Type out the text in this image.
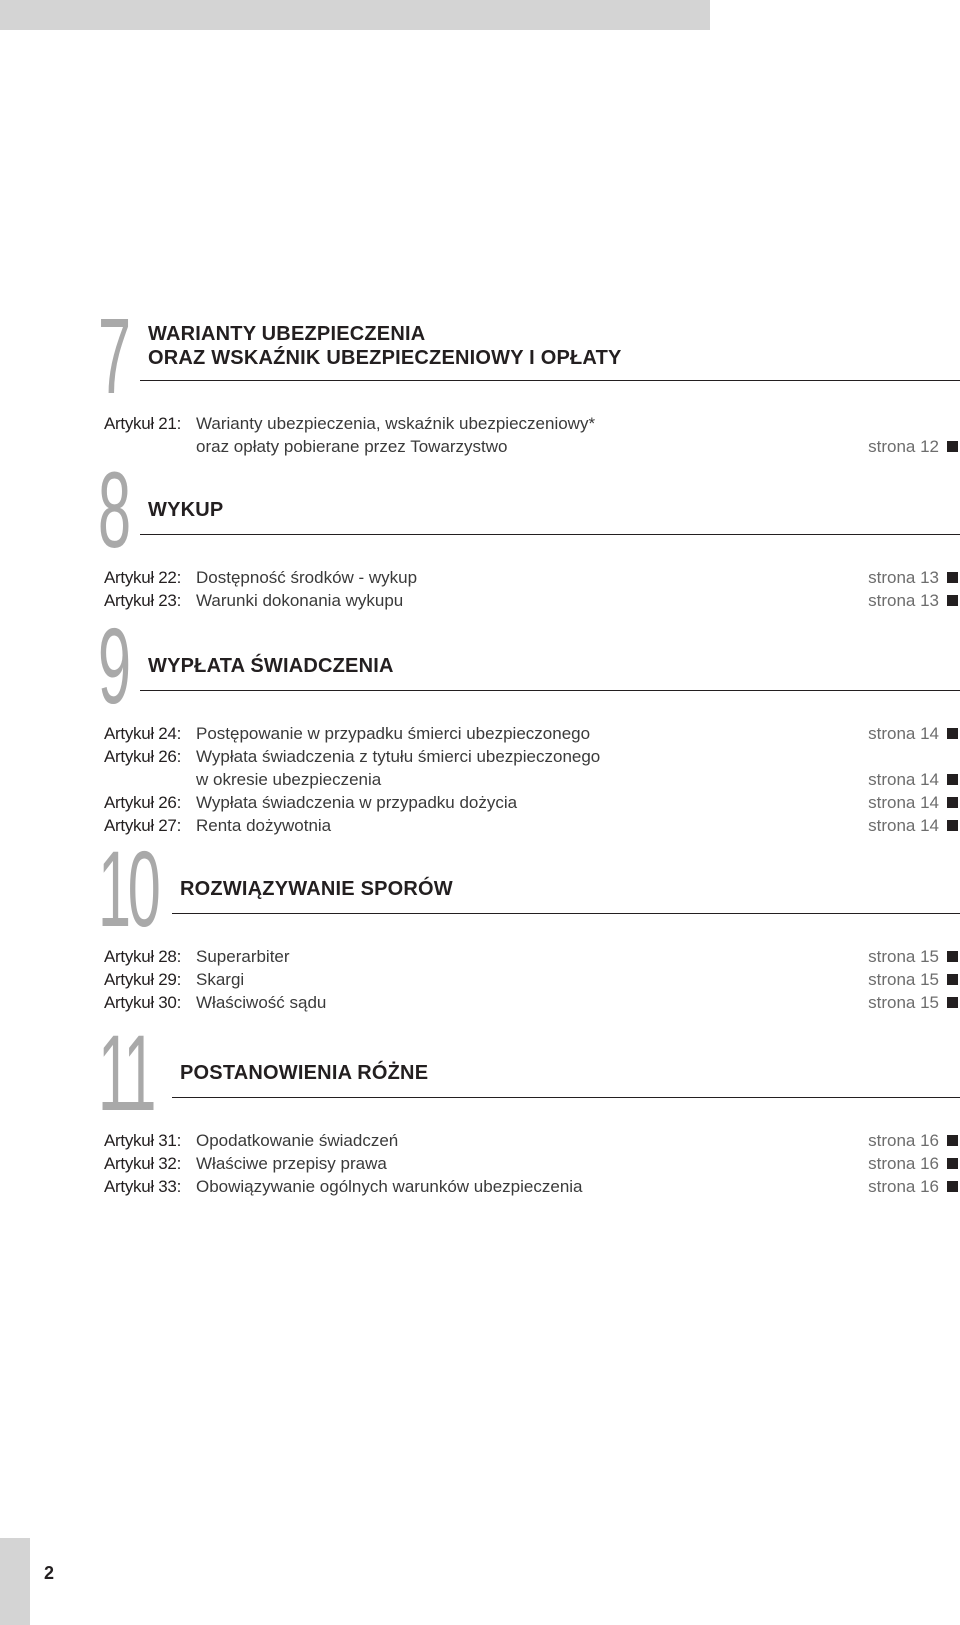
7 WARIANTY UBEZPIECZENIA
ORAZ WSKAŹNIK UBEZPIECZENIOWY I OPŁATY
Artykuł 21: Warianty ubezpieczenia, wskaźnik ubezpieczeniowy*
oraz opłaty pobierane przez Towarzystwo	strona 12
8 WYKUP
Artykuł 22: Dostępność środków - wykup	strona 13
Artykuł 23: Warunki dokonania wykupu	strona 13
9 WYPŁATA ŚWIADCZENIA
Artykuł 24: Postępowanie w przypadku śmierci ubezpieczonego	strona 14
Artykuł 26: Wypłata świadczenia z tytułu śmierci ubezpieczonego
w okresie ubezpieczenia	strona 14
Artykuł 26: Wypłata świadczenia w przypadku dożycia	strona 14
Artykuł 27: Renta dożywotnia	strona 14
10 ROZWIĄZYWANIE SPORÓW
Artykuł 28: Superarbiter	strona 15
Artykuł 29: Skargi	strona 15
Artykuł 30: Właściwość sądu	strona 15
11 POSTANOWIENIA RÓŻNE
Artykuł 31: Opodatkowanie świadczeń	strona 16
Artykuł 32: Właściwe przepisy prawa	strona 16
Artykuł 33: Obowiązywanie ogólnych warunków ubezpieczenia	strona 16
2
